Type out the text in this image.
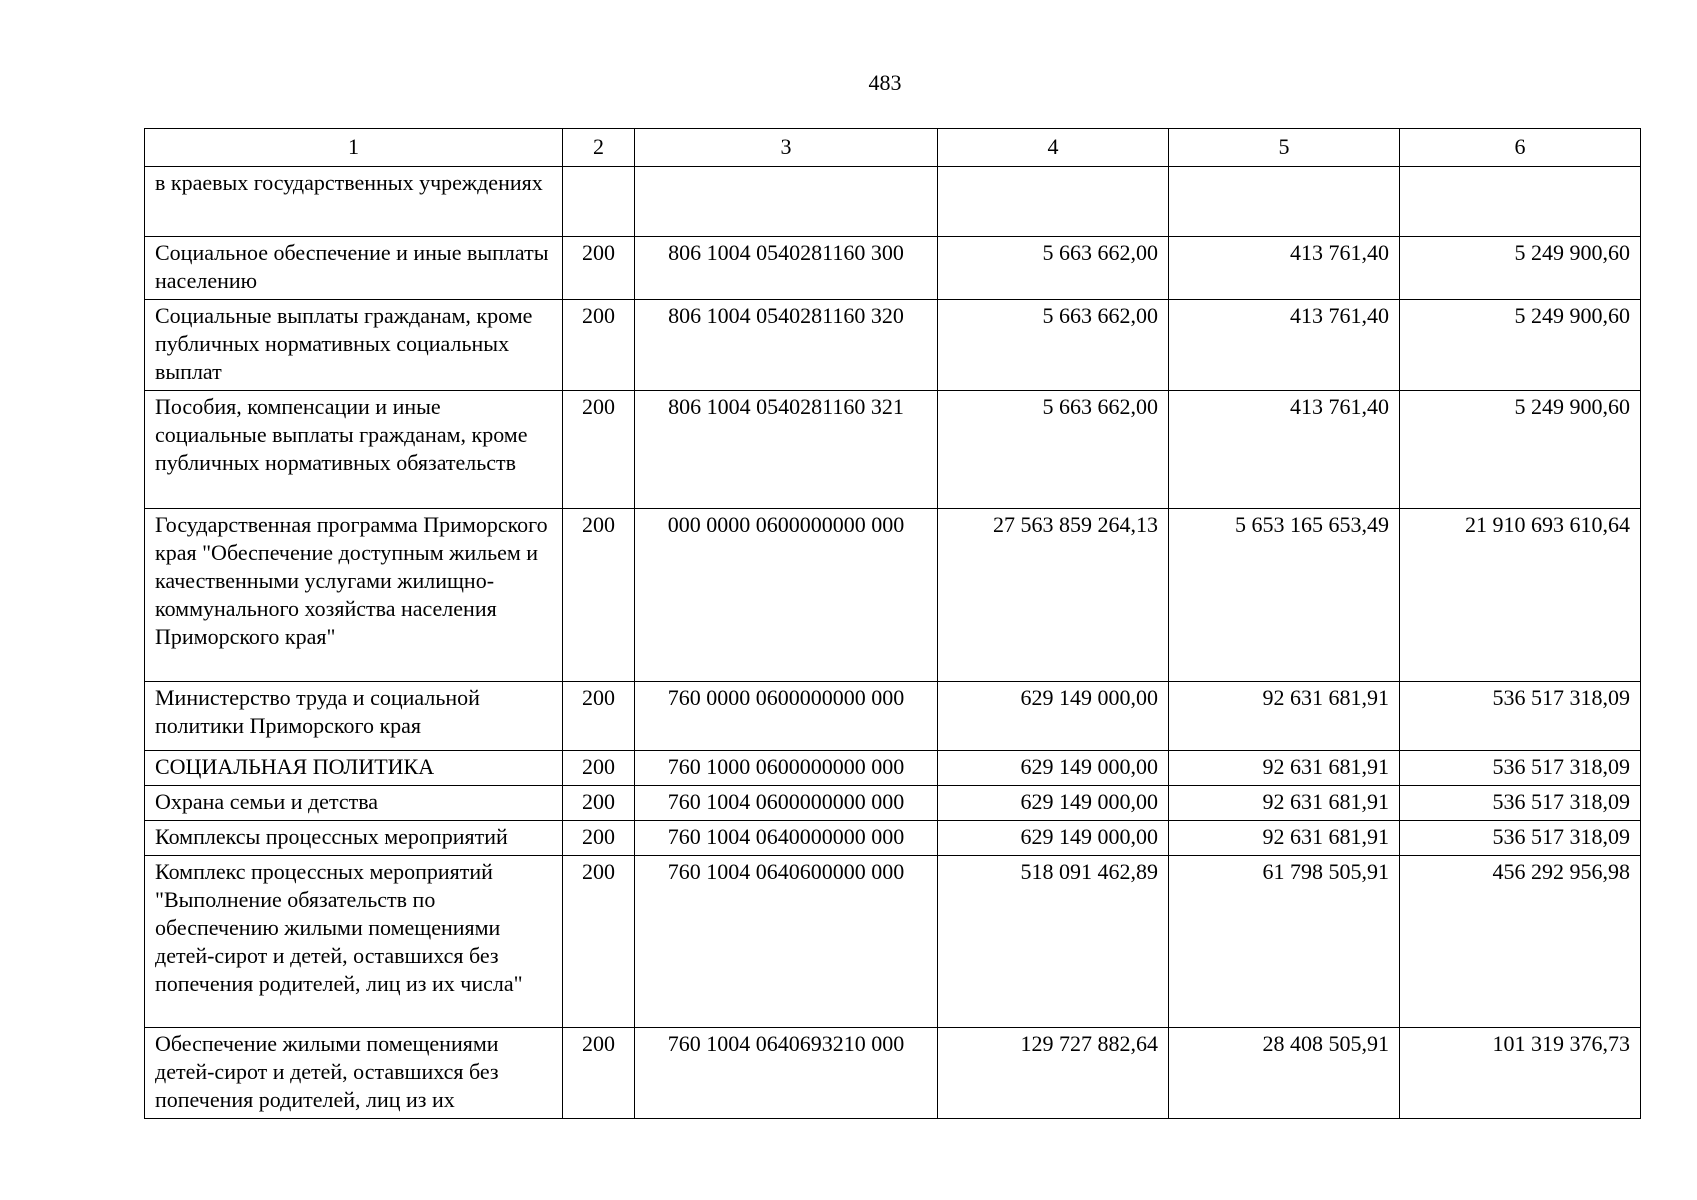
483
1	2	3	4	5	6
в краевых государственных учреждениях					
Социальное обеспечение и иные выплаты населению	200	806 1004 0540281160 300	5 663 662,00	413 761,40	5 249 900,60
Социальные выплаты гражданам, кроме публичных нормативных социальных выплат	200	806 1004 0540281160 320	5 663 662,00	413 761,40	5 249 900,60
Пособия, компенсации и иные социальные выплаты гражданам, кроме публичных нормативных обязательств	200	806 1004 0540281160 321	5 663 662,00	413 761,40	5 249 900,60
Государственная программа Приморского края "Обеспечение доступным жильем и качественными услугами жилищно-коммунального хозяйства населения Приморского края"	200	000 0000 0600000000 000	27 563 859 264,13	5 653 165 653,49	21 910 693 610,64
Министерство труда и социальной политики Приморского края	200	760 0000 0600000000 000	629 149 000,00	92 631 681,91	536 517 318,09
СОЦИАЛЬНАЯ ПОЛИТИКА	200	760 1000 0600000000 000	629 149 000,00	92 631 681,91	536 517 318,09
Охрана семьи и детства	200	760 1004 0600000000 000	629 149 000,00	92 631 681,91	536 517 318,09
Комплексы процессных мероприятий	200	760 1004 0640000000 000	629 149 000,00	92 631 681,91	536 517 318,09
Комплекс процессных мероприятий "Выполнение обязательств по обеспечению жилыми помещениями детей-сирот и детей, оставшихся без попечения родителей, лиц из их числа"	200	760 1004 0640600000 000	518 091 462,89	61 798 505,91	456 292 956,98
Обеспечение жилыми помещениями детей-сирот и детей, оставшихся без попечения родителей, лиц из их	200	760 1004 0640693210 000	129 727 882,64	28 408 505,91	101 319 376,73
